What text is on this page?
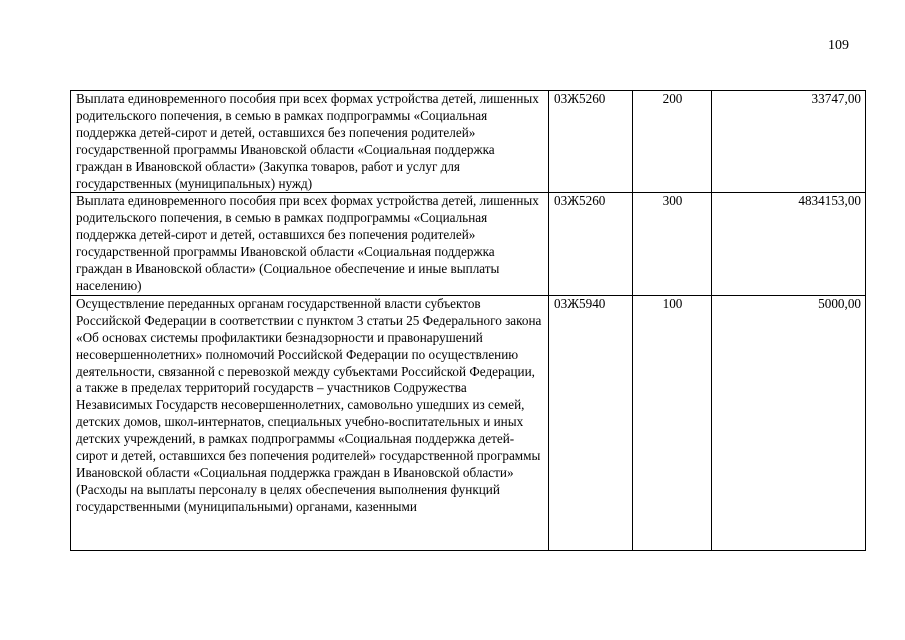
109
Выплата единовременного пособия при всех формах устройства детей, лишенных родительского попечения, в семью в рамках подпрограммы «Социальная поддержка детей-сирот и детей, оставшихся без попечения родителей» государственной программы Ивановской области «Социальная поддержка граждан в Ивановской области» (Закупка товаров, работ и услуг для государственных (муниципальных) нужд)	03Ж5260	200	33747,00
Выплата единовременного пособия при всех формах устройства детей, лишенных родительского попечения, в семью в рамках подпрограммы «Социальная поддержка детей-сирот и детей, оставшихся без попечения родителей» государственной программы Ивановской области «Социальная поддержка граждан в Ивановской области» (Социальное обеспечение и иные выплаты населению)	03Ж5260	300	4834153,00
Осуществление переданных органам государственной власти субъектов Российской Федерации в соответствии с пунктом 3 статьи 25 Федерального закона «Об основах системы профилактики безнадзорности и правонарушений несовершеннолетних» полномочий Российской Федерации по осуществлению деятельности, связанной с перевозкой между субъектами Российской Федерации, а также в пределах территорий государств – участников Содружества Независимых Государств несовершеннолетних, самовольно ушедших из семей, детских домов, школ-интернатов, специальных учебно-воспитательных и иных детских учреждений, в рамках подпрограммы «Социальная поддержка детей-сирот и детей, оставшихся без попечения родителей» государственной программы Ивановской области «Социальная поддержка граждан в Ивановской области» (Расходы на выплаты персоналу в целях обеспечения выполнения функций государственными (муниципальными) органами, казенными	03Ж5940	100	5000,00
